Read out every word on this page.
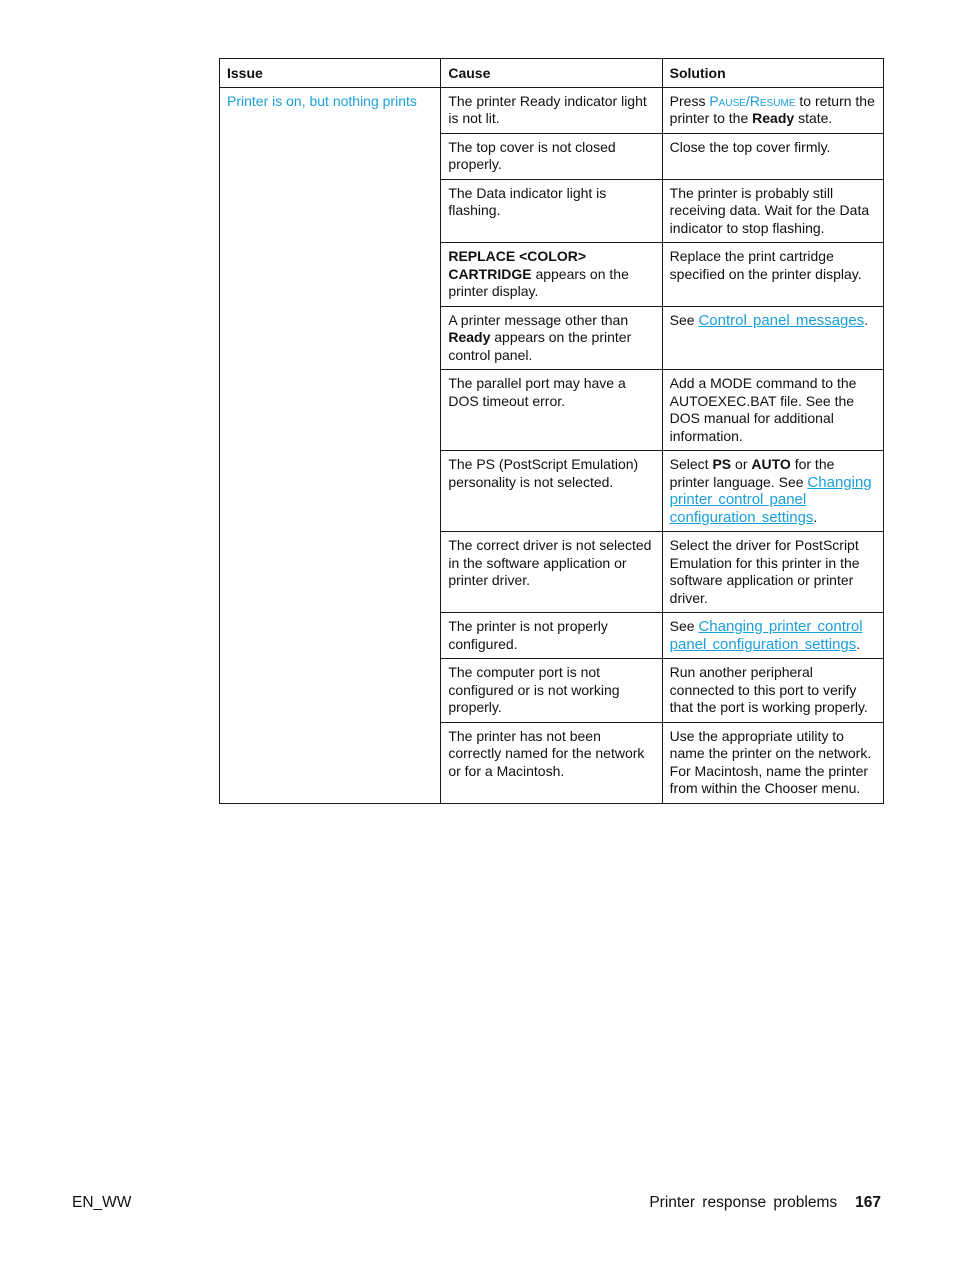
Issue	Cause	Solution
Printer is on, but nothing prints	The printer Ready indicator light is not lit.	Press Pause/Resume to return the printer to the Ready state.
	The top cover is not closed properly.	Close the top cover firmly.
	The Data indicator light is flashing.	The printer is probably still receiving data. Wait for the Data indicator to stop flashing.
	REPLACE <COLOR> CARTRIDGE appears on the printer display.	Replace the print cartridge specified on the printer display.
	A printer message other than Ready appears on the printer control panel.	See Control panel messages.
	The parallel port may have a DOS timeout error.	Add a MODE command to the AUTOEXEC.BAT file. See the DOS manual for additional information.
	The PS (PostScript Emulation) personality is not selected.	Select PS or AUTO for the printer language. See Changing printer control panel configuration settings.
	The correct driver is not selected in the software application or printer driver.	Select the driver for PostScript Emulation for this printer in the software application or printer driver.
	The printer is not properly configured.	See Changing printer control panel configuration settings.
	The computer port is not configured or is not working properly.	Run another peripheral connected to this port to verify that the port is working properly.
	The printer has not been correctly named for the network or for a Macintosh.	Use the appropriate utility to name the printer on the network. For Macintosh, name the printer from within the Chooser menu.
EN_WW	Printer response problems 167
